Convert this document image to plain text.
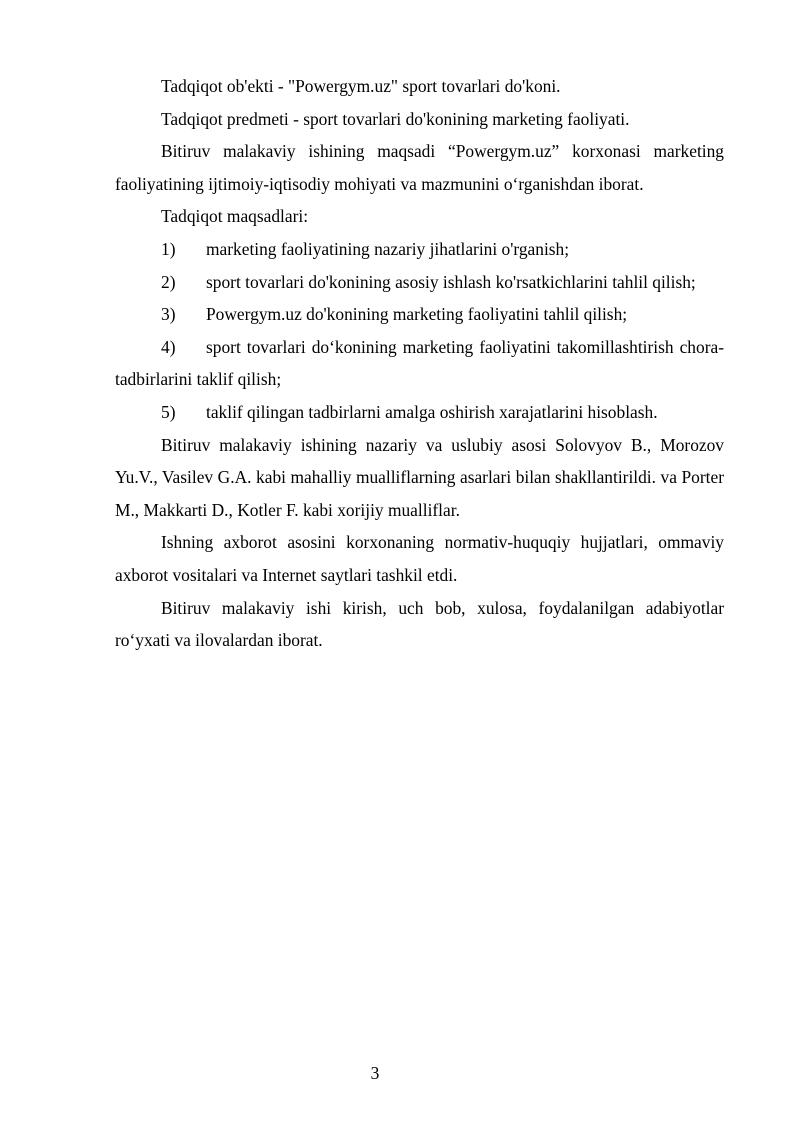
Tadqiqot ob'ekti - "Powergym.uz" sport tovarlari do'koni.

Tadqiqot predmeti - sport tovarlari do'konining marketing faoliyati.

Bitiruv malakaviy ishining maqsadi “Powergym.uz” korxonasi marketing faoliyatining ijtimoiy-iqtisodiy mohiyati va mazmunini o‘rganishdan iborat.

Tadqiqot maqsadlari:

1) marketing faoliyatining nazariy jihatlarini o'rganish;

2) sport tovarlari do'konining asosiy ishlash ko'rsatkichlarini tahlil qilish;

3) Powergym.uz do'konining marketing faoliyatini tahlil qilish;

4) sport tovarlari do‘konining marketing faoliyatini takomillashtirish chora-tadbirlarini taklif qilish;

5) taklif qilingan tadbirlarni amalga oshirish xarajatlarini hisoblash.

Bitiruv malakaviy ishining nazariy va uslubiy asosi Solovyov B., Morozov Yu.V., Vasilev G.A. kabi mahalliy mualliflarning asarlari bilan shakllantirildi. va Porter M., Makkarti D., Kotler F. kabi xorijiy mualliflar.

Ishning axborot asosini korxonaning normativ-huquqiy hujjatlari, ommaviy axborot vositalari va Internet saytlari tashkil etdi.

Bitiruv malakaviy ishi kirish, uch bob, xulosa, foydalanilgan adabiyotlar ro‘yxati va ilovalardan iborat.

3
